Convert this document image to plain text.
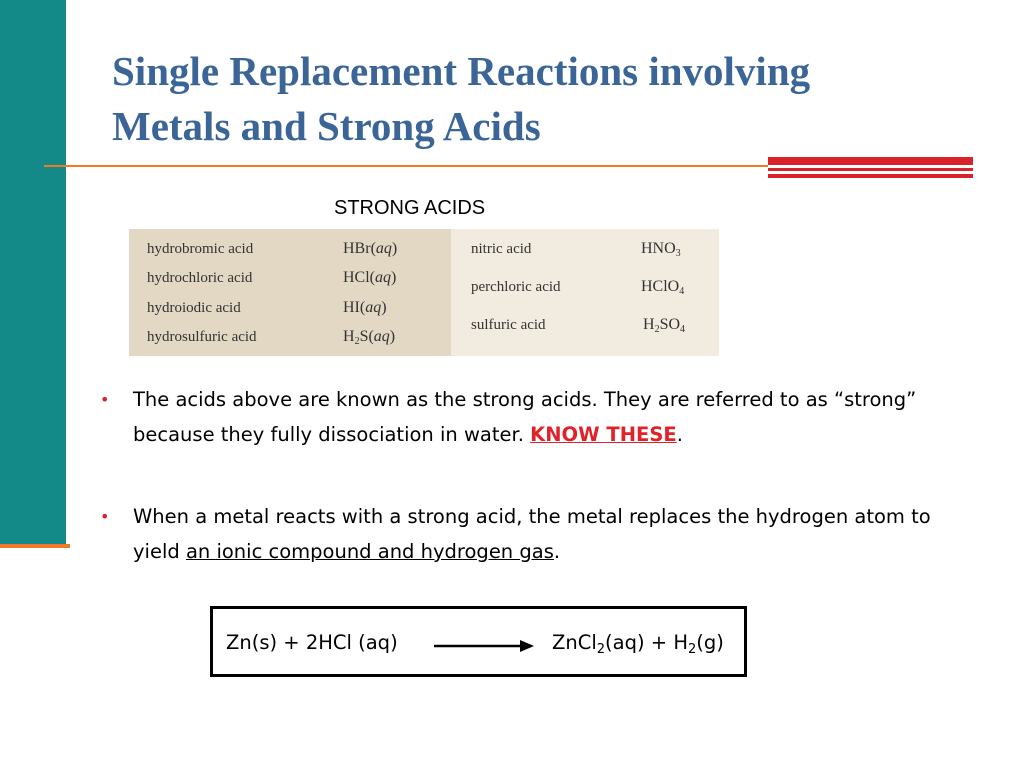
Single Replacement Reactions involving
Metals and Strong Acids
STRONG ACIDS
hydrobromic acid	HBr(aq)
hydrochloric acid	HCl(aq)
hydroiodic acid	HI(aq)
hydrosulfuric acid	$H_2S(aq)$
nitric acid	$HNO_3$
perchloric acid	HClO$_4$
sulfuric acid	$H_2SO_4$
• The acids above are known as the strong acids. They are referred to as “strong” because they fully dissociation in water. KNOW THESE.
• When a metal reacts with a strong acid, the metal replaces the hydrogen atom to yield an ionic compound and hydrogen gas.
Zn(s) + 2HCl (aq)	ZnCl$_2$(aq) + $H_2(g)$
